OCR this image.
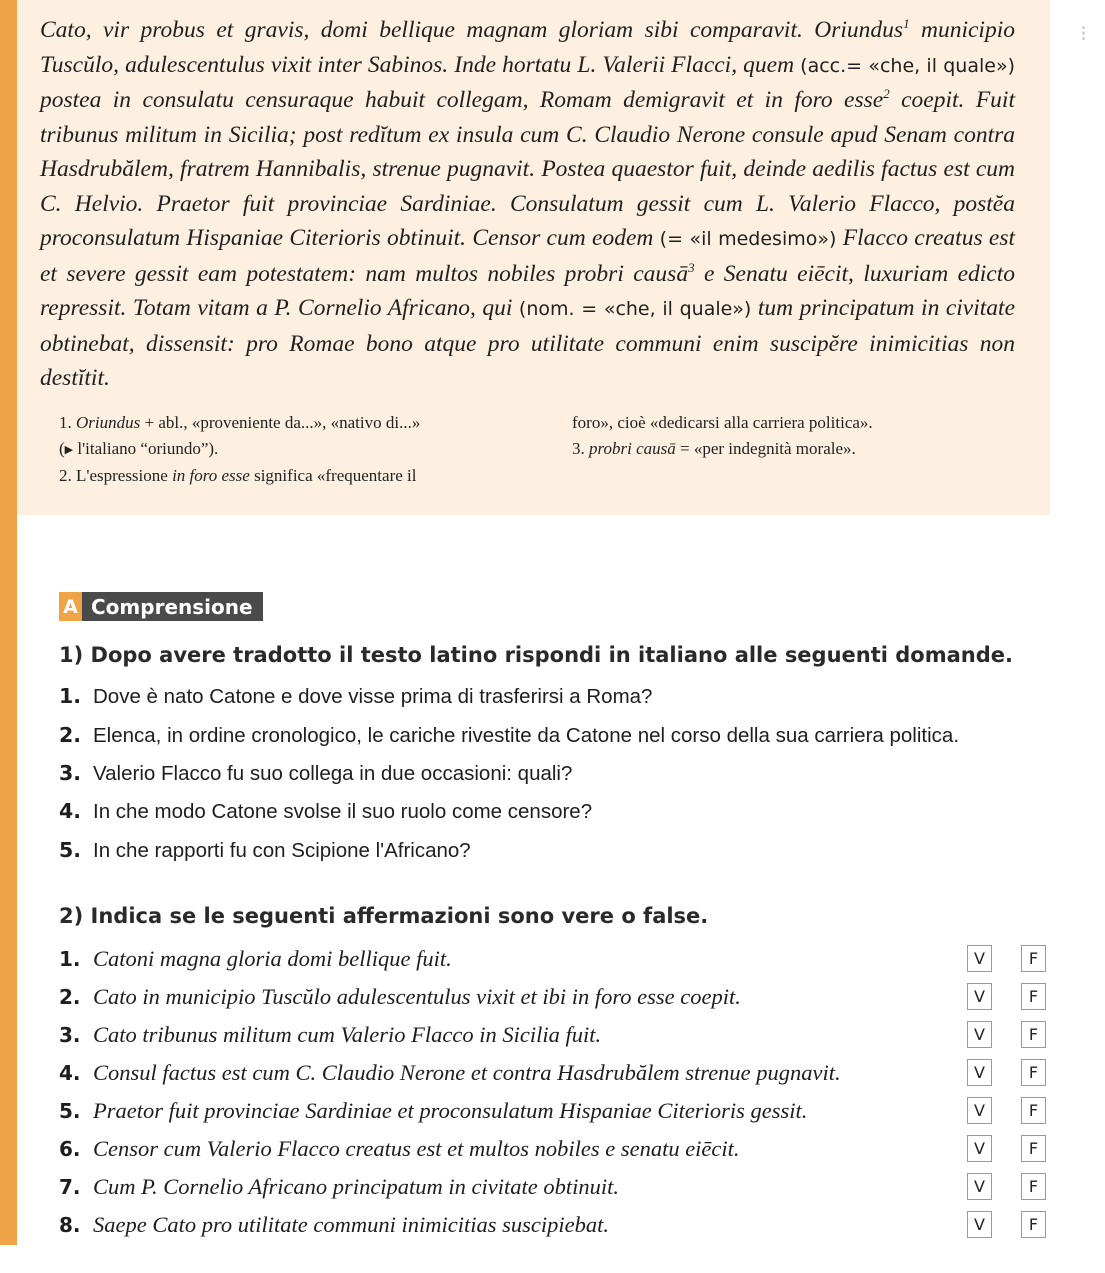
Cato, vir probus et gravis, domi bellique magnam gloriam sibi comparavit. Oriundus$^1$ municipio Tuscŭlo, adulescentulus vixit inter Sabinos. Inde hortatu L. Valerii Flacci, quem (acc.= «che, il quale») postea in consulatu censuraque habuit collegam, Romam demigravit et in foro esse$^2$ coepit. Fuit tribunus militum in Sicilia; post redĭtum ex insula cum C. Claudio Nerone consule apud Senam contra Hasdrubălem, fratrem Hannibalis, strenue pugnavit. Postea quaestor fuit, deinde aedilis factus est cum C. Helvio. Praetor fuit provinciae Sardiniae. Consulatum gessit cum L. Valerio Flacco, postĕa proconsulatum Hispaniae Citerioris obtinuit. Censor cum eodem (= «il medesimo») Flacco creatus est et severe gessit eam potestatem: nam multos nobiles probri causā$^3$ e Senatu eiēcit, luxuriam edicto repressit. Totam vitam a P. Cornelio Africano, qui (nom. = «che, il quale») tum principatum in civitate obtinebat, dissensit: pro Romae bono atque pro utilitate communi enim suscipĕre inimicitias non destĭtit.

⁝
1. Oriundus + abl., «proveniente da...», «nativo di...»
(▶ l'italiano “oriundo”).
2. L'espressione in foro esse significa «frequentare il
foro», cioè «dedicarsi alla carriera politica».
3. probri causā = «per indegnità morale».
A Comprensione
1) Dopo avere tradotto il testo latino rispondi in italiano alle seguenti domande.
1. Dove è nato Catone e dove visse prima di trasferirsi a Roma?
2. Elenca, in ordine cronologico, le cariche rivestite da Catone nel corso della sua carriera politica.
3. Valerio Flacco fu suo collega in due occasioni: quali?
4. In che modo Catone svolse il suo ruolo come censore?
5. In che rapporti fu con Scipione l'Africano?
2) Indica se le seguenti affermazioni sono vere o false.
1. Catoni magna gloria domi bellique fuit.	V	F
2. Cato in municipio Tuscŭlo adulescentulus vixit et ibi in foro esse coepit.	V	F
3. Cato tribunus militum cum Valerio Flacco in Sicilia fuit.	V	F
4. Consul factus est cum C. Claudio Nerone et contra Hasdrubălem strenue pugnavit.	V	F
5. Praetor fuit provinciae Sardiniae et proconsulatum Hispaniae Citerioris gessit.	V	F
6. Censor cum Valerio Flacco creatus est et multos nobiles e senatu eiēcit.	V	F
7. Cum P. Cornelio Africano principatum in civitate obtinuit.	V	F
8. Saepe Cato pro utilitate communi inimicitias suscipiebat.	V	F
